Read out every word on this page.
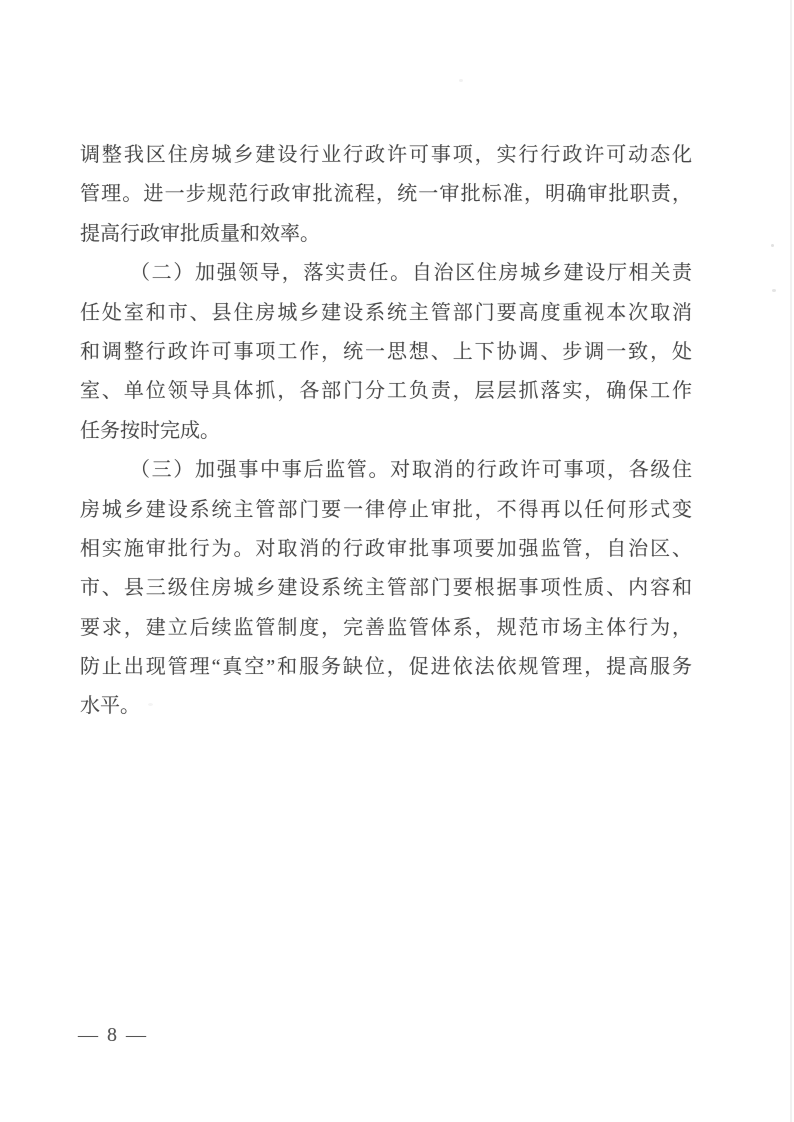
调整我区住房城乡建设行业行政许可事项，实行行政许可动态化
管理。进一步规范行政审批流程，统一审批标准，明确审批职责，
提高行政审批质量和效率。
（二）加强领导，落实责任。自治区住房城乡建设厅相关责
任处室和市、县住房城乡建设系统主管部门要高度重视本次取消
和调整行政许可事项工作，统一思想、上下协调、步调一致，处
室、单位领导具体抓，各部门分工负责，层层抓落实，确保工作
任务按时完成。
（三）加强事中事后监管。对取消的行政许可事项，各级住
房城乡建设系统主管部门要一律停止审批，不得再以任何形式变
相实施审批行为。对取消的行政审批事项要加强监管，自治区、
市、县三级住房城乡建设系统主管部门要根据事项性质、内容和
要求，建立后续监管制度，完善监管体系，规范市场主体行为，
防止出现管理“真空”和服务缺位，促进依法依规管理，提高服务
水平。
— 8 —
